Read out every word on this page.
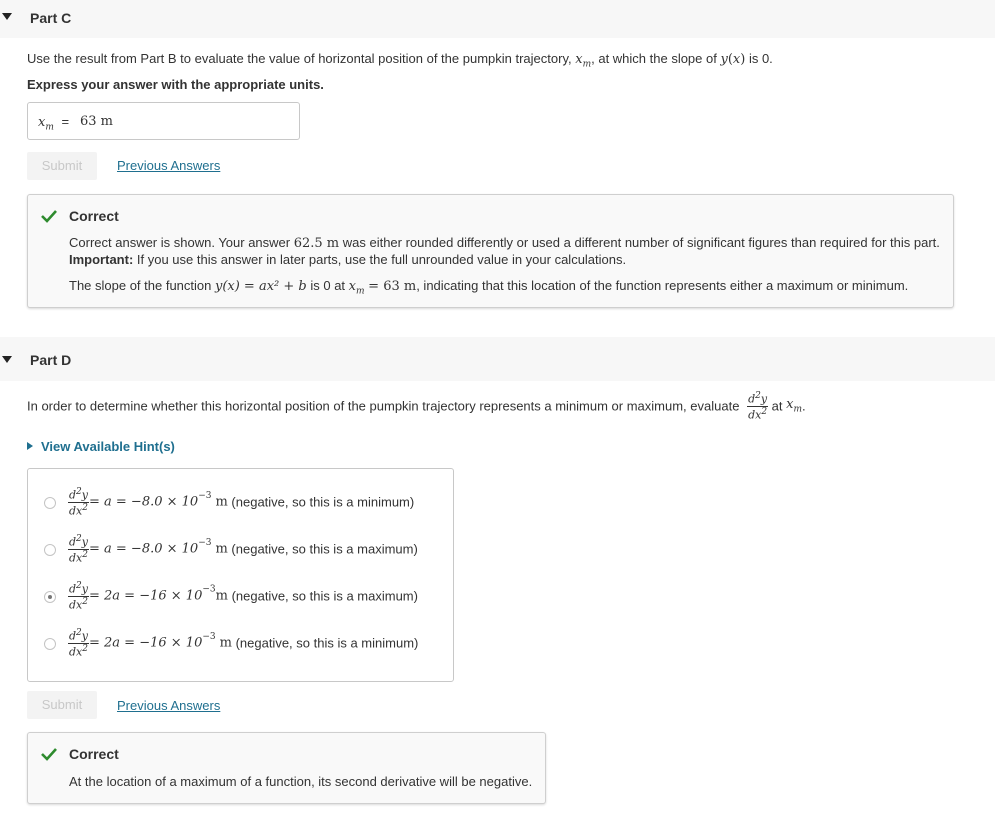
Part C
Use the result from Part B to evaluate the value of horizontal position of the pumpkin trajectory, $x_m$, at which the slope of y(x) is 0.
Express your answer with the appropriate units.
$x_m = 63$ m
Submit	Previous Answers
Correct
Correct answer is shown. Your answer 62.5 m was either rounded differently or used a different number of significant figures than required for this part.
Important: If you use this answer in later parts, use the full unrounded value in your calculations.
The slope of the function y(x) = ax² + b is 0 at $x_m = 63$ m, indicating that this location of the function represents either a maximum or minimum.
Part D
In order to determine whether this horizontal position of the pumpkin trajectory represents a minimum or maximum, evaluate $\frac{d^2y}{dx^2}$ at $x_m$.
View Available Hint(s)
$\frac{d^2y}{dx^2} = a = -8.0 \times 10^{-3}$ m (negative, so this is a minimum)
$\frac{d^2y}{dx^2} = a = -8.0 \times 10^{-3}$ m (negative, so this is a maximum)
$\frac{d^2y}{dx^2} = 2a = -16 \times 10^{-3}m$ (negative, so this is a maximum)
$\frac{d^2y}{dx^2} = 2a = -16 \times 10^{-3}$ m (negative, so this is a minimum)
Submit	Previous Answers
Correct
At the location of a maximum of a function, its second derivative will be negative.
